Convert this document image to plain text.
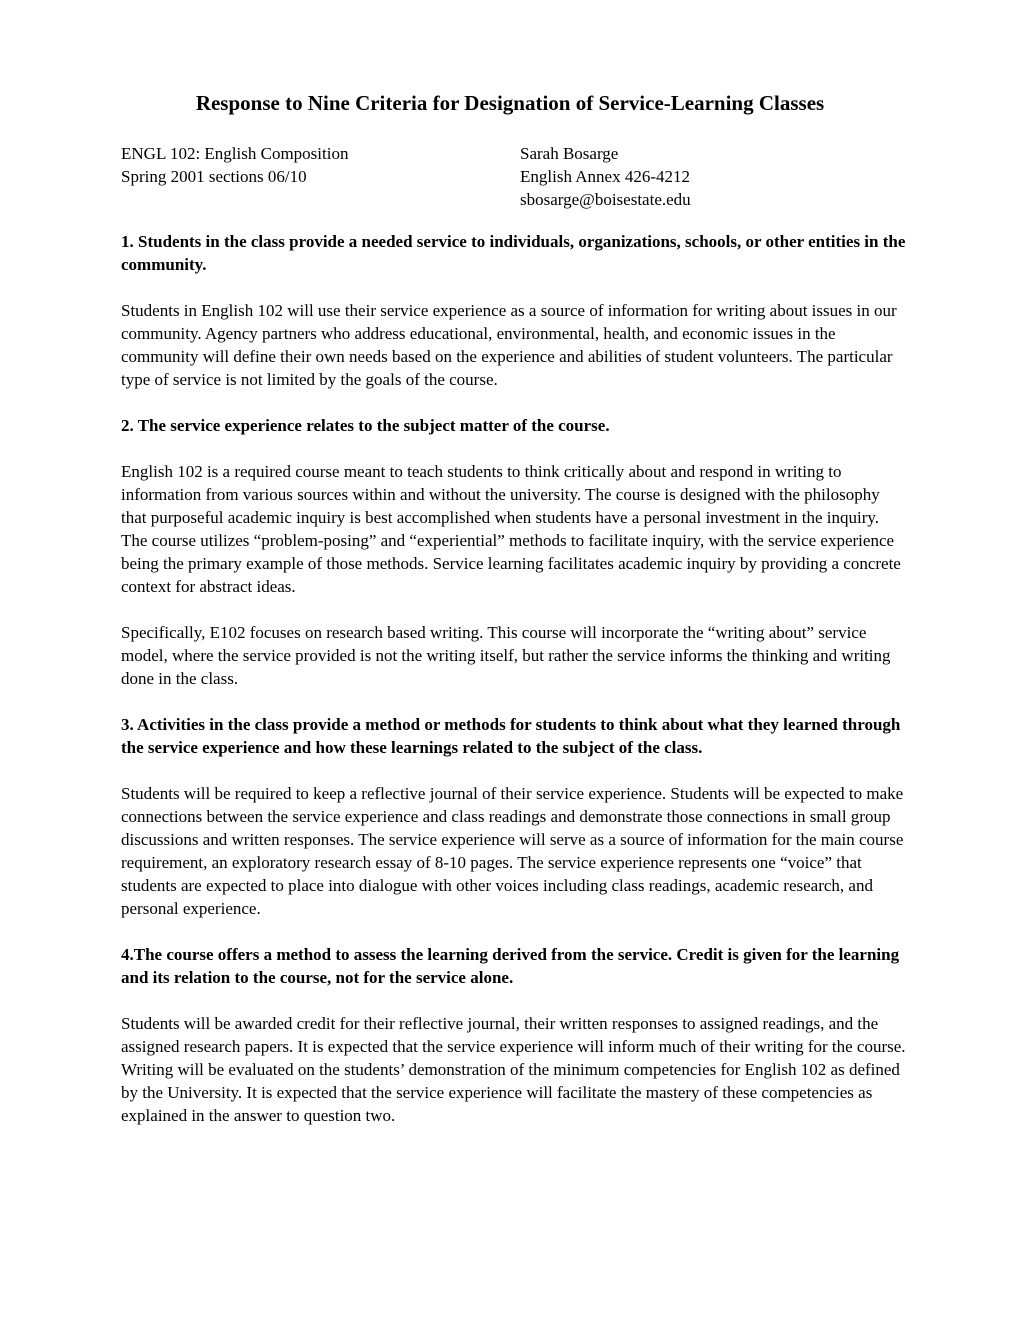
Response to Nine Criteria for Designation of Service-Learning Classes
ENGL 102: English Composition	Sarah Bosarge
Spring 2001 sections 06/10	English Annex 426-4212
sbosarge@boisestate.edu

1. Students in the class provide a needed service to individuals, organizations, schools, or other entities in the community.

Students in English 102 will use their service experience as a source of information for writing about issues in our community. Agency partners who address educational, environmental, health, and economic issues in the community will define their own needs based on the experience and abilities of student volunteers. The particular type of service is not limited by the goals of the course.

2. The service experience relates to the subject matter of the course.

English 102 is a required course meant to teach students to think critically about and respond in writing to information from various sources within and without the university. The course is designed with the philosophy that purposeful academic inquiry is best accomplished when students have a personal investment in the inquiry. The course utilizes “problem-posing” and “experiential” methods to facilitate inquiry, with the service experience being the primary example of those methods. Service learning facilitates academic inquiry by providing a concrete context for abstract ideas.

Specifically, E102 focuses on research based writing. This course will incorporate the “writing about” service model, where the service provided is not the writing itself, but rather the service informs the thinking and writing done in the class.

3. Activities in the class provide a method or methods for students to think about what they learned through the service experience and how these learnings related to the subject of the class.

Students will be required to keep a reflective journal of their service experience. Students will be expected to make connections between the service experience and class readings and demonstrate those connections in small group discussions and written responses. The service experience will serve as a source of information for the main course requirement, an exploratory research essay of 8-10 pages. The service experience represents one “voice” that students are expected to place into dialogue with other voices including class readings, academic research, and personal experience.

4.The course offers a method to assess the learning derived from the service. Credit is given for the learning and its relation to the course, not for the service alone.

Students will be awarded credit for their reflective journal, their written responses to assigned readings, and the assigned research papers. It is expected that the service experience will inform much of their writing for the course. Writing will be evaluated on the students’ demonstration of the minimum competencies for English 102 as defined by the University. It is expected that the service experience will facilitate the mastery of these competencies as explained in the answer to question two.
